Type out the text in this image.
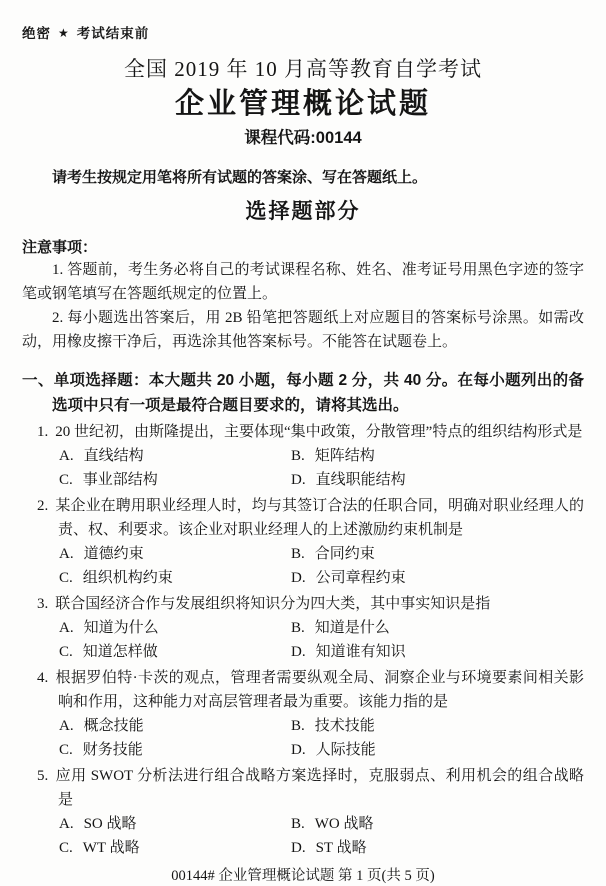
绝密 ★ 考试结束前
全国 2019 年 10 月高等教育自学考试
企业管理概论试题
课程代码:00144
请考生按规定用笔将所有试题的答案涂、写在答题纸上。
选择题部分
注意事项：
1. 答题前，考生务必将自己的考试课程名称、姓名、准考证号用黑色字迹的签字笔或钢笔填写在答题纸规定的位置上。
2. 每小题选出答案后，用 2B 铅笔把答题纸上对应题目的答案标号涂黑。如需改动，用橡皮擦干净后，再选涂其他答案标号。不能答在试题卷上。
一、单项选择题：本大题共 20 小题，每小题 2 分，共 40 分。在每小题列出的备选项中只有一项是最符合题目要求的，请将其选出。

1. 20 世纪初，由斯隆提出，主要体现“集中政策，分散管理”特点的组织结构形式是

A. 直线结构	B. 矩阵结构
C. 事业部结构	D. 直线职能结构

2. 某企业在聘用职业经理人时，均与其签订合法的任职合同，明确对职业经理人的责、权、利要求。该企业对职业经理人的上述激励约束机制是

A. 道德约束	B. 合同约束
C. 组织机构约束	D. 公司章程约束

3. 联合国经济合作与发展组织将知识分为四大类，其中事实知识是指

A. 知道为什么	B. 知道是什么
C. 知道怎样做	D. 知道谁有知识

4. 根据罗伯特·卡茨的观点，管理者需要纵观全局、洞察企业与环境要素间相关影响和作用，这种能力对高层管理者最为重要。该能力指的是

A. 概念技能	B. 技术技能
C. 财务技能	D. 人际技能

5. 应用 SWOT 分析法进行组合战略方案选择时，克服弱点、利用机会的组合战略是

A. SO 战略	B. WO 战略
C. WT 战略	D. ST 战略
00144# 企业管理概论试题 第 1 页(共 5 页)
